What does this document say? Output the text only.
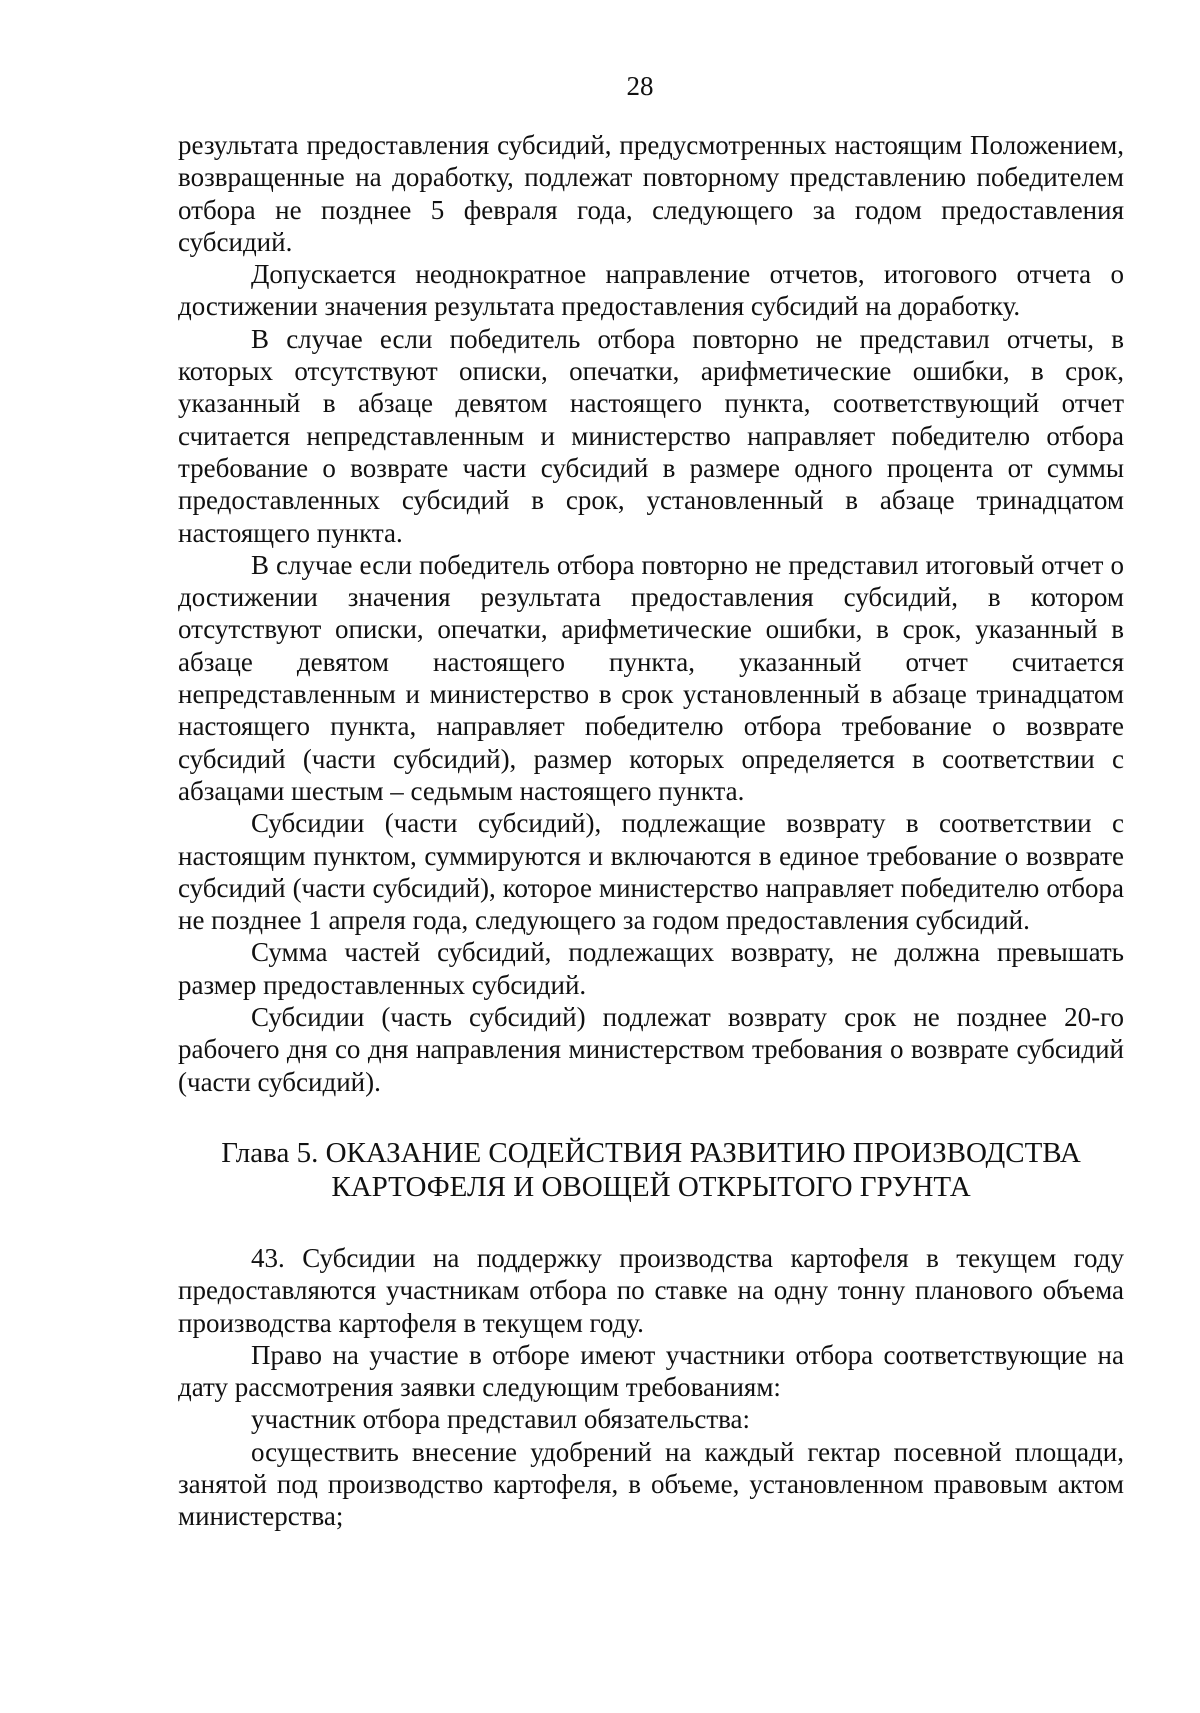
28

результата предоставления субсидий, предусмотренных настоящим Положением, возвращенные на доработку, подлежат повторному представлению победителем отбора не позднее 5 февраля года, следующего за годом предоставления субсидий.

Допускается неоднократное направление отчетов, итогового отчета о достижении значения результата предоставления субсидий на доработку.

В случае если победитель отбора повторно не представил отчеты, в которых отсутствуют описки, опечатки, арифметические ошибки, в срок, указанный в абзаце девятом настоящего пункта, соответствующий отчет считается непредставленным и министерство направляет победителю отбора требование о возврате части субсидий в размере одного процента от суммы предоставленных субсидий в срок, установленный в абзаце тринадцатом настоящего пункта.

В случае если победитель отбора повторно не представил итоговый отчет о достижении значения результата предоставления субсидий, в котором отсутствуют описки, опечатки, арифметические ошибки, в срок, указанный в абзаце девятом настоящего пункта, указанный отчет считается непредставленным и министерство в срок установленный в абзаце тринадцатом настоящего пункта, направляет победителю отбора требование о возврате субсидий (части субсидий), размер которых определяется в соответствии с абзацами шестым – седьмым настоящего пункта.

Субсидии (части субсидий), подлежащие возврату в соответствии с настоящим пунктом, суммируются и включаются в единое требование о возврате субсидий (части субсидий), которое министерство направляет победителю отбора не позднее 1 апреля года, следующего за годом предоставления субсидий.

Сумма частей субсидий, подлежащих возврату, не должна превышать размер предоставленных субсидий.

Субсидии (часть субсидий) подлежат возврату срок не позднее 20-го рабочего дня со дня направления министерством требования о возврате субсидий (части субсидий).

Глава 5. ОКАЗАНИЕ СОДЕЙСТВИЯ РАЗВИТИЮ ПРОИЗВОДСТВА
КАРТОФЕЛЯ И ОВОЩЕЙ ОТКРЫТОГО ГРУНТА

43. Субсидии на поддержку производства картофеля в текущем году предоставляются участникам отбора по ставке на одну тонну планового объема производства картофеля в текущем году.

Право на участие в отборе имеют участники отбора соответствующие на дату рассмотрения заявки следующим требованиям:

участник отбора представил обязательства:

осуществить внесение удобрений на каждый гектар посевной площади, занятой под производство картофеля, в объеме, установленном правовым актом министерства;
